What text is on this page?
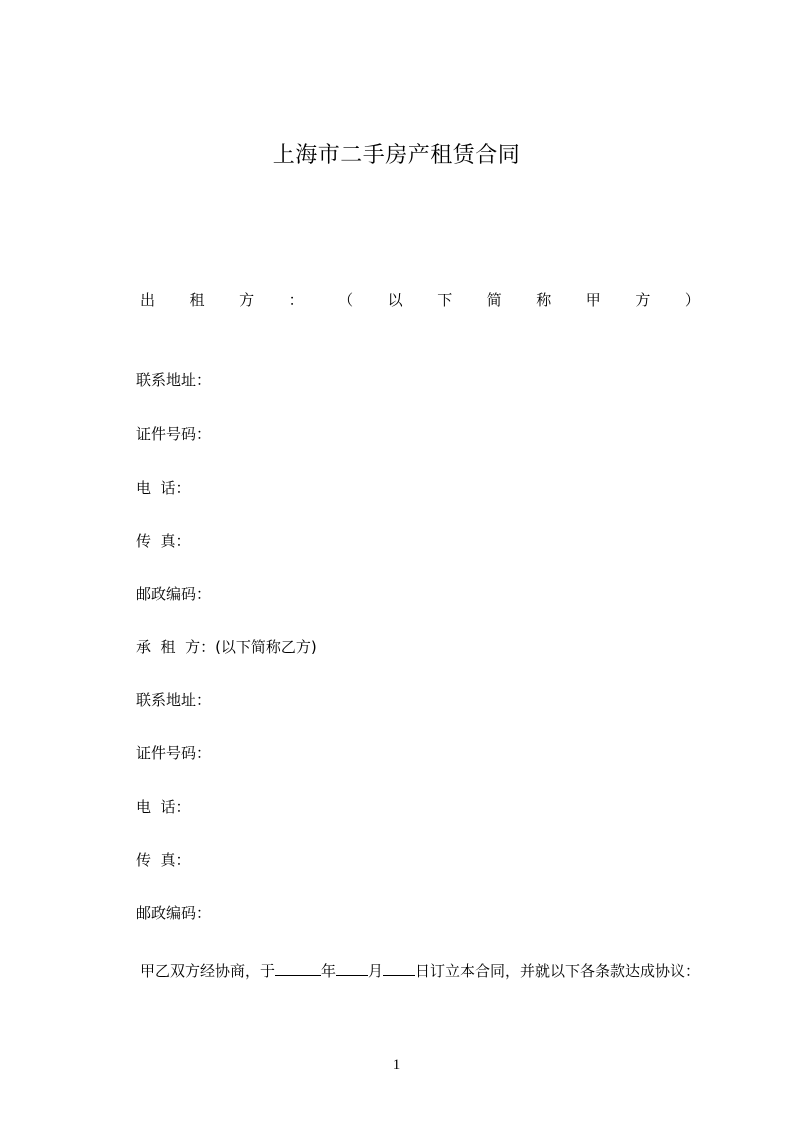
上海市二手房产租赁合同
出 租 方 ： （ 以 下 简 称 甲 方 ）
联系地址：
证件号码：
电  话：
传  真：
邮政编码：
承  租  方：(以下简称乙方)
联系地址：
证件号码：
电  话：
传  真：
邮政编码：
甲乙双方经协商，于	年 月 日订立本合同，并就以下各条款达成协议：
1
